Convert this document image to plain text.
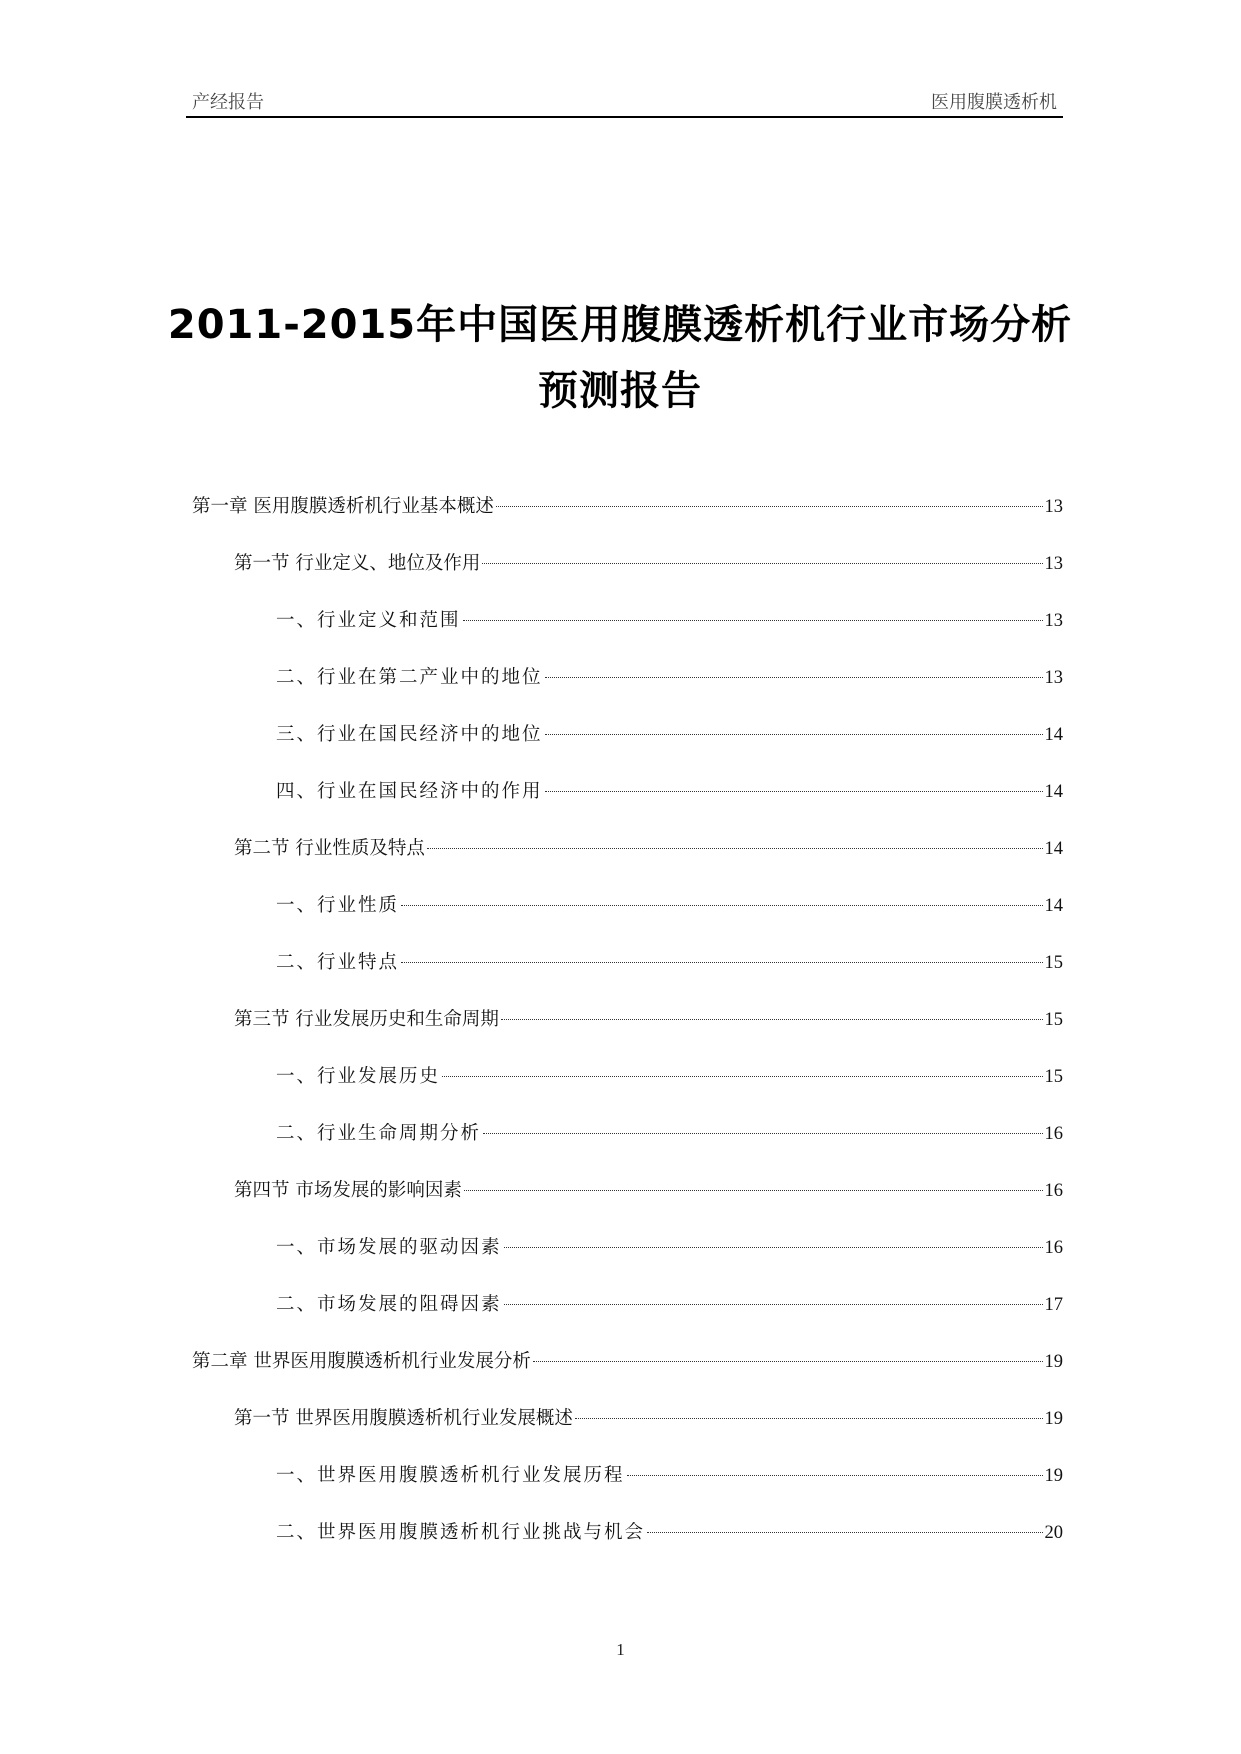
产经报告	医用腹膜透析机
2011-2015年中国医用腹膜透析机行业市场分析
预测报告
第一章 医用腹膜透析机行业基本概述	13
第一节 行业定义、地位及作用	13
一、行业定义和范围	13
二、行业在第二产业中的地位	13
三、行业在国民经济中的地位	14
四、行业在国民经济中的作用	14
第二节 行业性质及特点	14
一、行业性质	14
二、行业特点	15
第三节 行业发展历史和生命周期	15
一、行业发展历史	15
二、行业生命周期分析	16
第四节 市场发展的影响因素	16
一、市场发展的驱动因素	16
二、市场发展的阻碍因素	17
第二章 世界医用腹膜透析机行业发展分析	19
第一节 世界医用腹膜透析机行业发展概述	19
一、世界医用腹膜透析机行业发展历程	19
二、世界医用腹膜透析机行业挑战与机会	20
1
